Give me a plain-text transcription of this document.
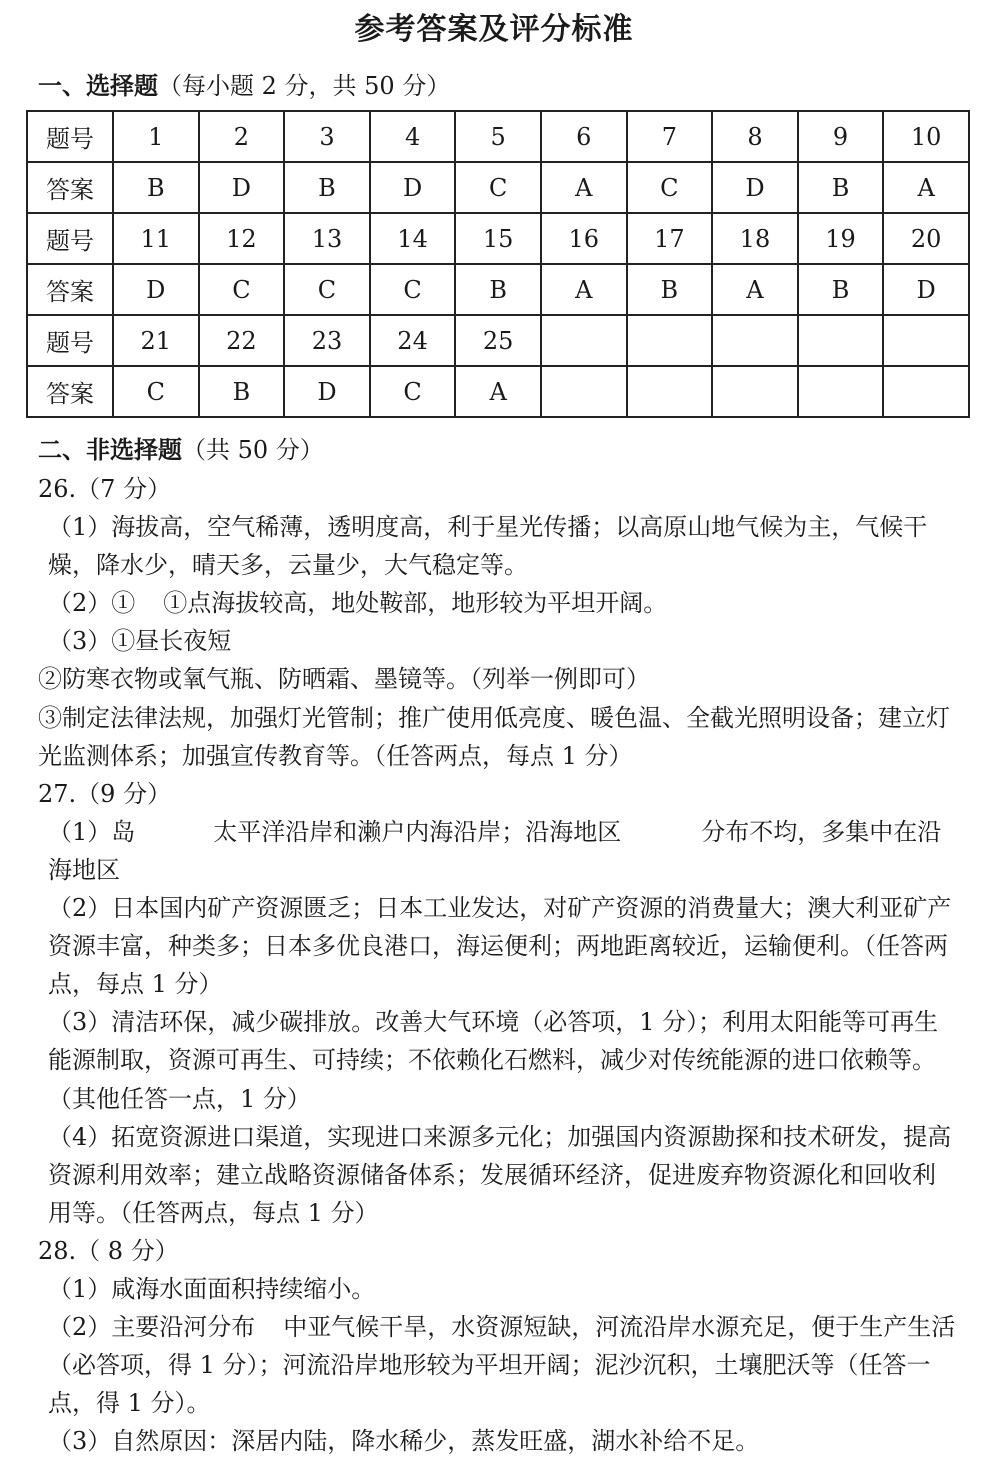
参考答案及评分标准
一、选择题（每小题 2 分，共 50 分）
题号	1	2	3	4	5	6	7	8	9	10
答案	B	D	B	D	C	A	C	D	B	A
题号	11	12	13	14	15	16	17	18	19	20
答案	D	C	C	C	B	A	B	A	B	D
题号	21	22	23	24	25					
答案	C	B	D	C	A					
二、非选择题（共 50 分）
26.（7 分）
（1）海拔高，空气稀薄，透明度高，利于星光传播；以高原山地气候为主，气候干燥，降水少，晴天多，云量少，大气稳定等。
（2）① ①点海拔较高，地处鞍部，地形较为平坦开阔。
（3）①昼长夜短
②防寒衣物或氧气瓶、防晒霜、墨镜等。（列举一例即可）
③制定法律法规，加强灯光管制；推广使用低亮度、暖色温、全截光照明设备；建立灯光监测体系；加强宣传教育等。（任答两点，每点 1 分）
27.（9 分）
（1）岛	太平洋沿岸和濑户内海沿岸；沿海地区	分布不均，多集中在沿海地区
（2）日本国内矿产资源匮乏；日本工业发达，对矿产资源的消费量大；澳大利亚矿产资源丰富，种类多；日本多优良港口，海运便利；两地距离较近，运输便利。（任答两点，每点 1 分）
（3）清洁环保，减少碳排放。改善大气环境（必答项，1 分）；利用太阳能等可再生能源制取，资源可再生、可持续；不依赖化石燃料，减少对传统能源的进口依赖等。（其他任答一点，1 分）
（4）拓宽资源进口渠道，实现进口来源多元化；加强国内资源勘探和技术研发，提高资源利用效率；建立战略资源储备体系；发展循环经济，促进废弃物资源化和回收利用等。（任答两点，每点 1 分）
28.（ 8 分）
（1）咸海水面面积持续缩小。
（2）主要沿河分布 中亚气候干旱，水资源短缺，河流沿岸水源充足，便于生产生活（必答项，得 1 分）；河流沿岸地形较为平坦开阔；泥沙沉积，土壤肥沃等（任答一点，得 1 分）。
（3）自然原因：深居内陆，降水稀少，蒸发旺盛，湖水补给不足。
